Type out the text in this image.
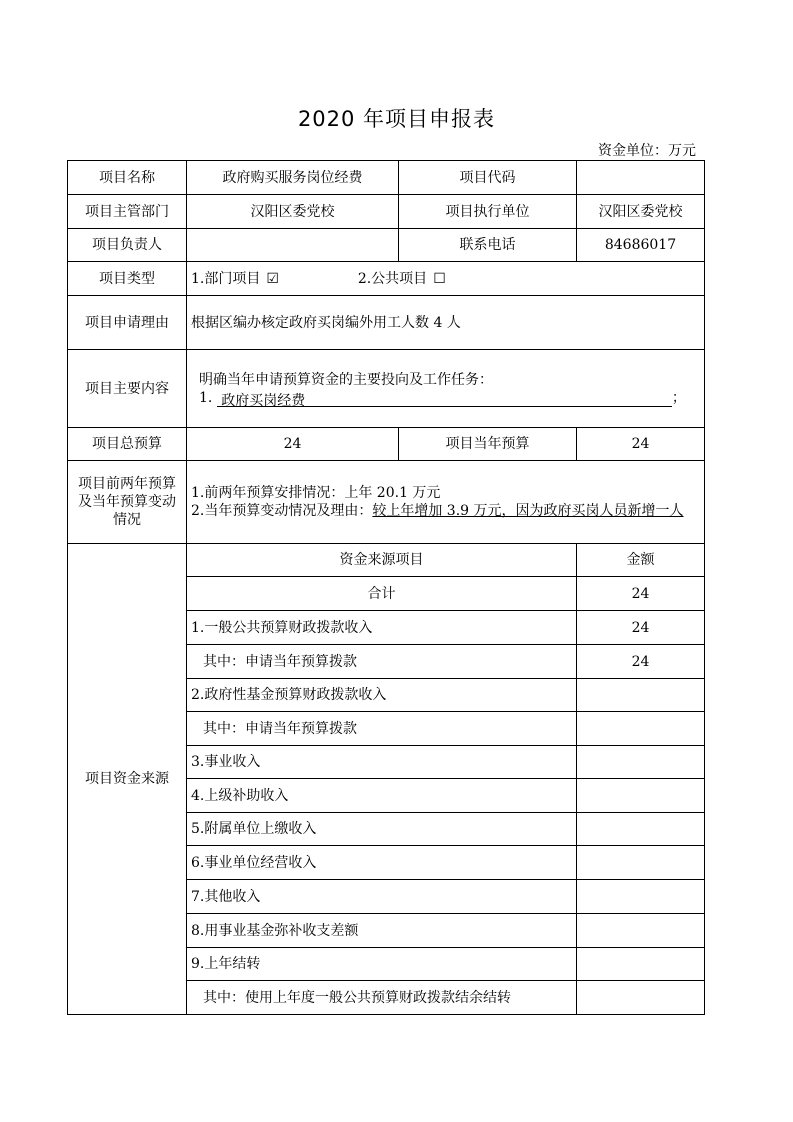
2020 年项目申报表
资金单位：万元
项目名称	政府购买服务岗位经费	项目代码	
项目主管部门	汉阳区委党校	项目执行单位	汉阳区委党校
项目负责人		联系电话	84686017
项目类型	1.部门项目 ☑ 2.公共项目 ☐		
项目申请理由	根据区编办核定政府买岗编外用工人数 4 人		
项目主要内容	明确当年申请预算资金的主要投向及工作任务：
1. 政府买岗经费 ；		

项目总预算	24	项目当年预算	24
项目前两年预算及当年预算变动情况	1.前两年预算安排情况：上年 20.1 万元
2.当年预算变动情况及理由：较上年增加 3.9 万元，因为政府买岗人员新增一人		

项目资金来源	资金来源项目		金额
	合计		24
	1.一般公共预算财政拨款收入		24
	其中：申请当年预算拨款		24
	2.政府性基金预算财政拨款收入		
	其中：申请当年预算拨款		
	3.事业收入		
	4.上级补助收入		
	5.附属单位上缴收入		
	6.事业单位经营收入		
	7.其他收入		
	8.用事业基金弥补收支差额		
	9.上年结转		
	其中：使用上年度一般公共预算财政拨款结余结转		
